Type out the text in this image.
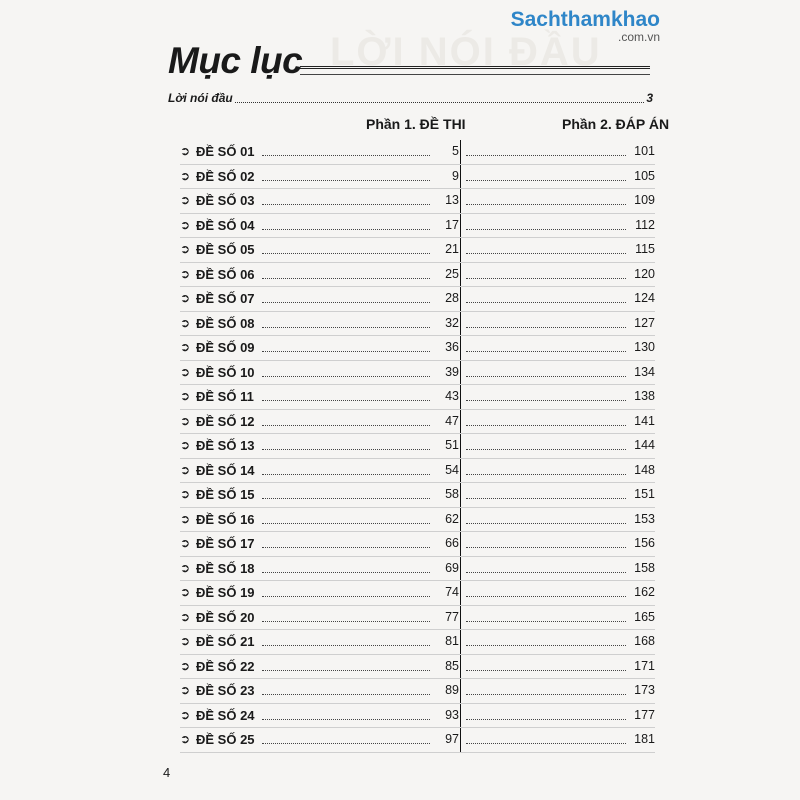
LỜI NÓI ĐẦU
Sachthamkhao
.com.vn
Mục lục
Lời nói đầu	3
Phần 1. ĐỀ THI	Phần 2. ĐÁP ÁN
➲ ĐỀ SỐ 01	5	101
➲ ĐỀ SỐ 02	9	105
➲ ĐỀ SỐ 03	13	109
➲ ĐỀ SỐ 04	17	112
➲ ĐỀ SỐ 05	21	115
➲ ĐỀ SỐ 06	25	120
➲ ĐỀ SỐ 07	28	124
➲ ĐỀ SỐ 08	32	127
➲ ĐỀ SỐ 09	36	130
➲ ĐỀ SỐ 10	39	134
➲ ĐỀ SỐ 11	43	138
➲ ĐỀ SỐ 12	47	141
➲ ĐỀ SỐ 13	51	144
➲ ĐỀ SỐ 14	54	148
➲ ĐỀ SỐ 15	58	151
➲ ĐỀ SỐ 16	62	153
➲ ĐỀ SỐ 17	66	156
➲ ĐỀ SỐ 18	69	158
➲ ĐỀ SỐ 19	74	162
➲ ĐỀ SỐ 20	77	165
➲ ĐỀ SỐ 21	81	168
➲ ĐỀ SỐ 22	85	171
➲ ĐỀ SỐ 23	89	173
➲ ĐỀ SỐ 24	93	177
➲ ĐỀ SỐ 25	97	181
4
